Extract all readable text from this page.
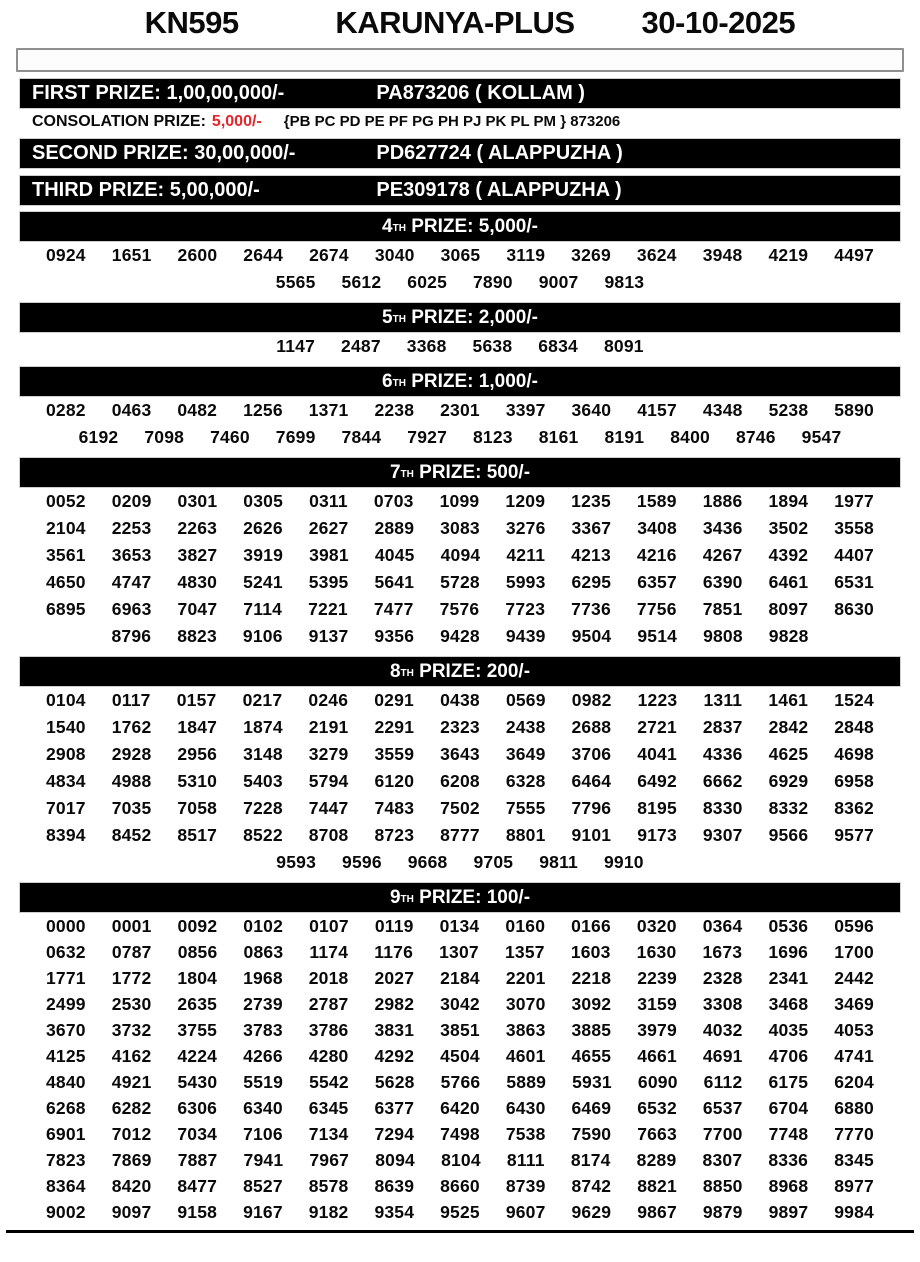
KN595	KARUNYA-PLUS	30-10-2025
FIRST PRIZE: 1,00,00,000/-	PA873206 ( KOLLAM )
CONSOLATION PRIZE: 5,000/- {PB PC PD PE PF PG PH PJ PK PL PM } 873206
SECOND PRIZE: 30,00,000/-	PD627724 ( ALAPPUZHA )
THIRD PRIZE: 5,00,000/-	PE309178 ( ALAPPUZHA )
4TH PRIZE: 5,000/-
0924 1651 2600 2644 2674 3040 3065 3119 3269 3624 3948 4219 4497
5565 5612 6025 7890 9007 9813
5TH PRIZE: 2,000/-
1147 2487 3368 5638 6834 8091
6TH PRIZE: 1,000/-
0282 0463 0482 1256 1371 2238 2301 3397 3640 4157 4348 5238 5890
6192 7098 7460 7699 7844 7927 8123 8161 8191 8400 8746 9547
7TH PRIZE: 500/-
0052 0209 0301 0305 0311 0703 1099 1209 1235 1589 1886 1894 1977
2104 2253 2263 2626 2627 2889 3083 3276 3367 3408 3436 3502 3558
3561 3653 3827 3919 3981 4045 4094 4211 4213 4216 4267 4392 4407
4650 4747 4830 5241 5395 5641 5728 5993 6295 6357 6390 6461 6531
6895 6963 7047 7114 7221 7477 7576 7723 7736 7756 7851 8097 8630
8796 8823 9106 9137 9356 9428 9439 9504 9514 9808 9828
8TH PRIZE: 200/-
0104 0117 0157 0217 0246 0291 0438 0569 0982 1223 1311 1461 1524
1540 1762 1847 1874 2191 2291 2323 2438 2688 2721 2837 2842 2848
2908 2928 2956 3148 3279 3559 3643 3649 3706 4041 4336 4625 4698
4834 4988 5310 5403 5794 6120 6208 6328 6464 6492 6662 6929 6958
7017 7035 7058 7228 7447 7483 7502 7555 7796 8195 8330 8332 8362
8394 8452 8517 8522 8708 8723 8777 8801 9101 9173 9307 9566 9577
9593 9596 9668 9705 9811 9910
9TH PRIZE: 100/-
0000 0001 0092 0102 0107 0119 0134 0160 0166 0320 0364 0536 0596
0632 0787 0856 0863 1174 1176 1307 1357 1603 1630 1673 1696 1700
1771 1772 1804 1968 2018 2027 2184 2201 2218 2239 2328 2341 2442
2499 2530 2635 2739 2787 2982 3042 3070 3092 3159 3308 3468 3469
3670 3732 3755 3783 3786 3831 3851 3863 3885 3979 4032 4035 4053
4125 4162 4224 4266 4280 4292 4504 4601 4655 4661 4691 4706 4741
4840 4921 5430 5519 5542 5628 5766 5889 5931 6090 6112 6175 6204
6268 6282 6306 6340 6345 6377 6420 6430 6469 6532 6537 6704 6880
6901 7012 7034 7106 7134 7294 7498 7538 7590 7663 7700 7748 7770
7823 7869 7887 7941 7967 8094 8104 8111 8174 8289 8307 8336 8345
8364 8420 8477 8527 8578 8639 8660 8739 8742 8821 8850 8968 8977
9002 9097 9158 9167 9182 9354 9525 9607 9629 9867 9879 9897 9984
